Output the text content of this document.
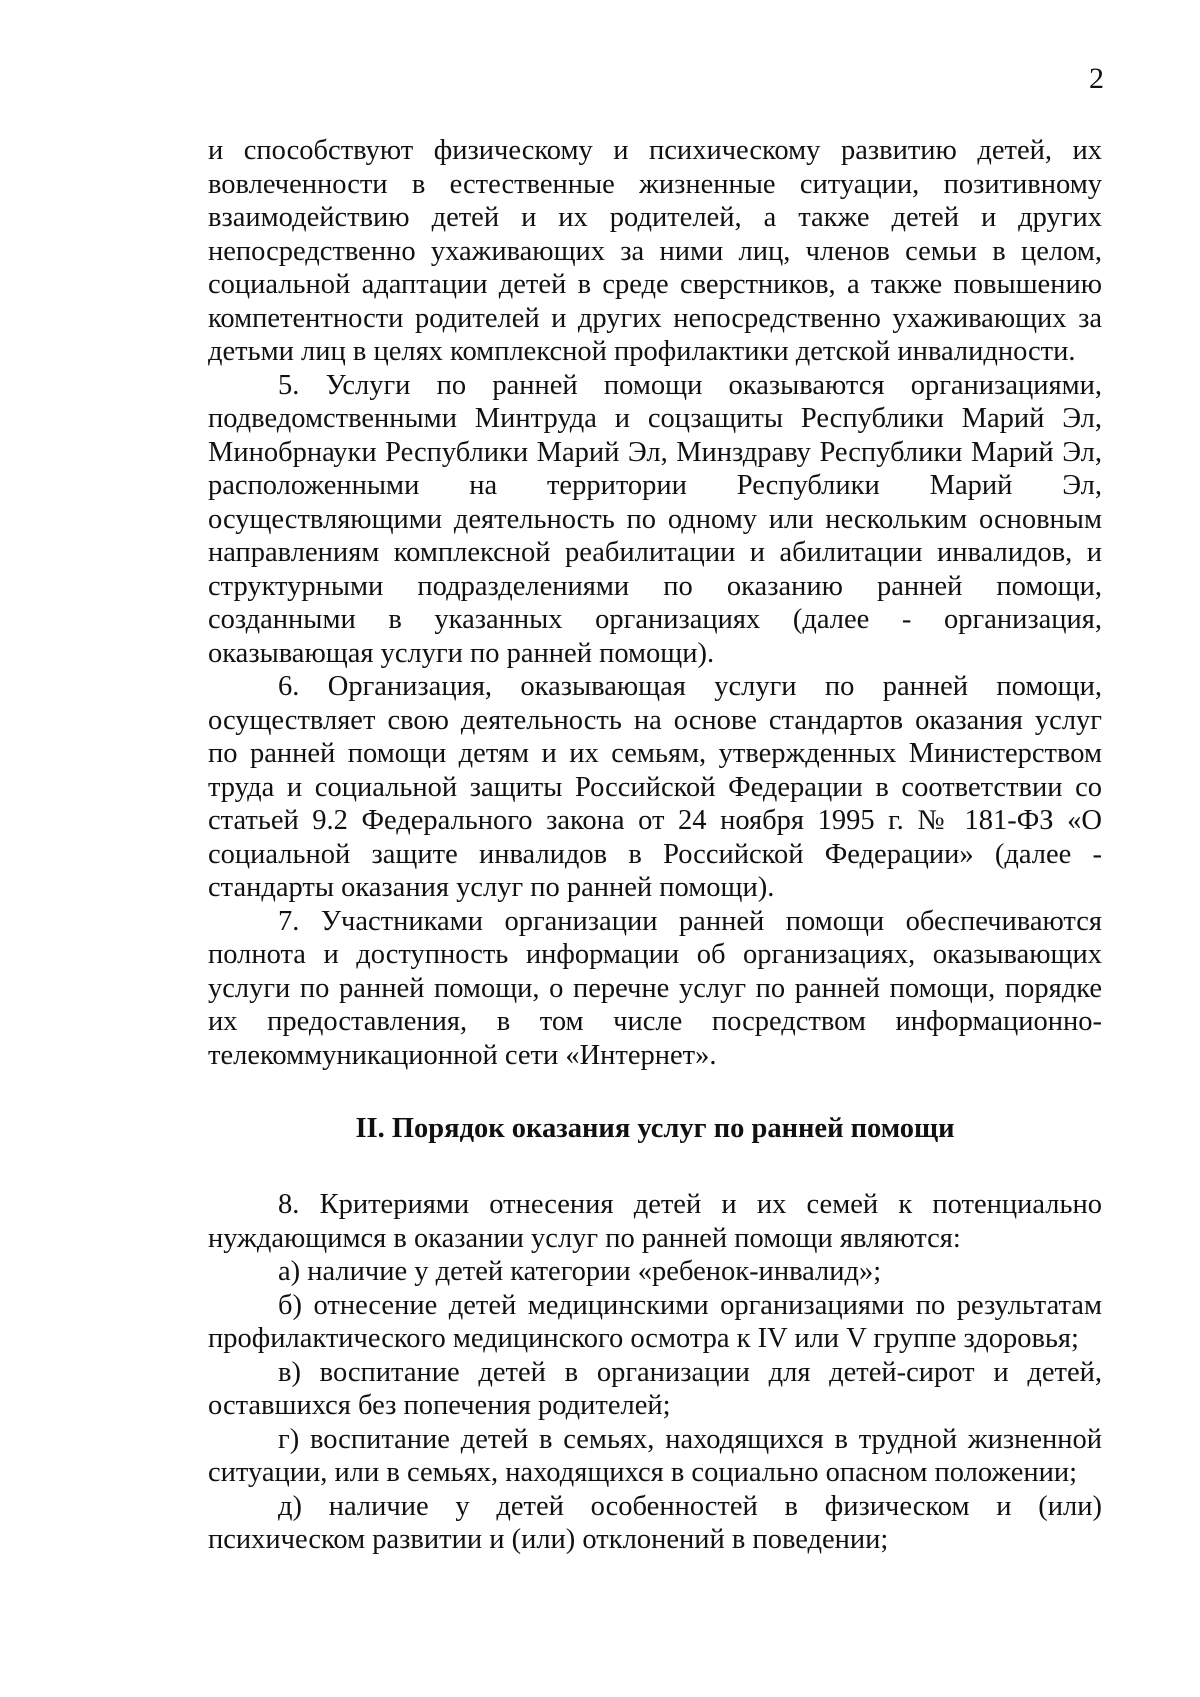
2

и способствуют физическому и психическому развитию детей, их вовлеченности в естественные жизненные ситуации, позитивному взаимодействию детей и их родителей, а также детей и других непосредственно ухаживающих за ними лиц, членов семьи в целом, социальной адаптации детей в среде сверстников, а также повышению компетентности родителей и других непосредственно ухаживающих за детьми лиц в целях комплексной профилактики детской инвалидности.

5. Услуги по ранней помощи оказываются организациями, подведомственными Минтруда и соцзащиты Республики Марий Эл, Минобрнауки Республики Марий Эл, Минздраву Республики Марий Эл, расположенными на территории Республики Марий Эл, осуществляющими деятельность по одному или нескольким основным направлениям комплексной реабилитации и абилитации инвалидов, и структурными подразделениями по оказанию ранней помощи, созданными в указанных организациях (далее - организация, оказывающая услуги по ранней помощи).

6. Организация, оказывающая услуги по ранней помощи, осуществляет свою деятельность на основе стандартов оказания услуг по ранней помощи детям и их семьям, утвержденных Министерством труда и социальной защиты Российской Федерации в соответствии со статьей 9.2 Федерального закона от 24 ноября 1995 г. № 181-ФЗ «О социальной защите инвалидов в Российской Федерации» (далее - стандарты оказания услуг по ранней помощи).

7. Участниками организации ранней помощи обеспечиваются полнота и доступность информации об организациях, оказывающих услуги по ранней помощи, о перечне услуг по ранней помощи, порядке их предоставления, в том числе посредством информационно-телекоммуникационной сети «Интернет».

II. Порядок оказания услуг по ранней помощи

8. Критериями отнесения детей и их семей к потенциально нуждающимся в оказании услуг по ранней помощи являются:

а) наличие у детей категории «ребенок-инвалид»;

б) отнесение детей медицинскими организациями по результатам профилактического медицинского осмотра к IV или V группе здоровья;

в) воспитание детей в организации для детей-сирот и детей, оставшихся без попечения родителей;

г) воспитание детей в семьях, находящихся в трудной жизненной ситуации, или в семьях, находящихся в социально опасном положении;

д) наличие у детей особенностей в физическом и (или) психическом развитии и (или) отклонений в поведении;
